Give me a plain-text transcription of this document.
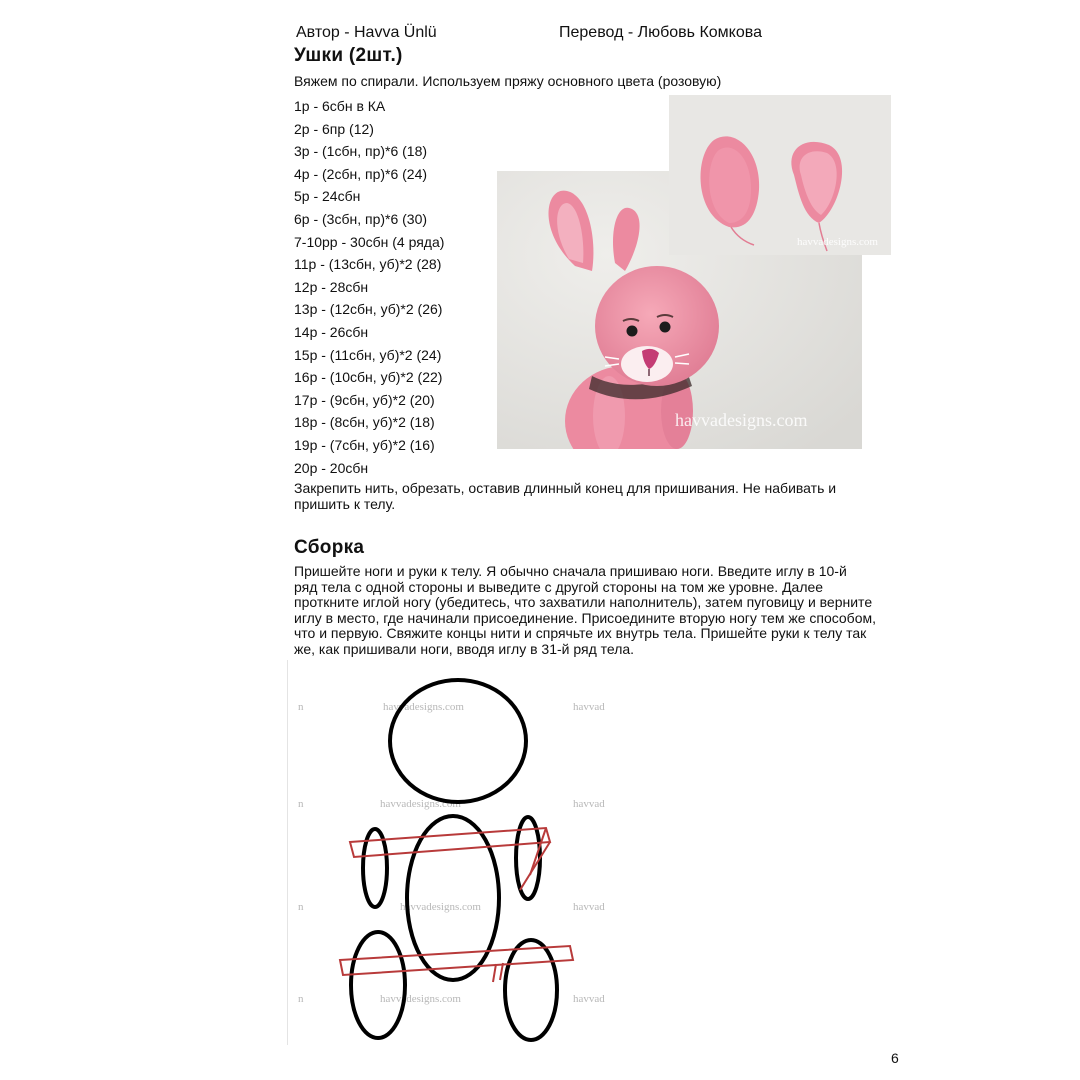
Автор - Havva Ünlü	Перевод - Любовь Комкова
Ушки (2шт.)
Вяжем по спирали. Используем пряжу основного цвета (розовую)
1р - 6сбн в КА
2р - 6пр (12)
3р - (1сбн, пр)*6 (18)
4р - (2сбн, пр)*6 (24)
5р - 24сбн
6р - (3сбн, пр)*6 (30)
7-10рр - 30сбн (4 ряда)
11р - (13сбн, уб)*2 (28)
12р - 28сбн
13р - (12сбн, уб)*2 (26)
14р - 26сбн
15р - (11сбн, уб)*2 (24)
16р - (10сбн, уб)*2 (22)
17р - (9сбн, уб)*2 (20)
18р - (8сбн, уб)*2 (18)
19р - (7сбн, уб)*2 (16)
20р - 20сбн
havvadesigns.com
havvadesigns.com
Закрепить нить, обрезать, оставив длинный конец для пришивания. Не набивать и
пришить к телу.
Сборка
Пришейте ноги и руки к телу. Я обычно сначала пришиваю ноги. Введите иглу в 10-й
ряд тела с одной стороны и выведите с другой стороны на том же уровне. Далее
проткните иглой ногу (убедитесь, что захватили наполнитель), затем пуговицу и верните
иглу в место, где начинали присоединение. Присоедините вторую ногу тем же способом,
что и первую. Свяжите концы нити и спрячьте их внутрь тела. Пришейте руки к телу так
же, как пришивали ноги, вводя иглу в 31-й ряд тела.
havvadesigns.com
havvadesigns.com
havvadesigns.com
havvadesigns.com
havvad
havvad
havvad
havvad
n
n
n
n
6
